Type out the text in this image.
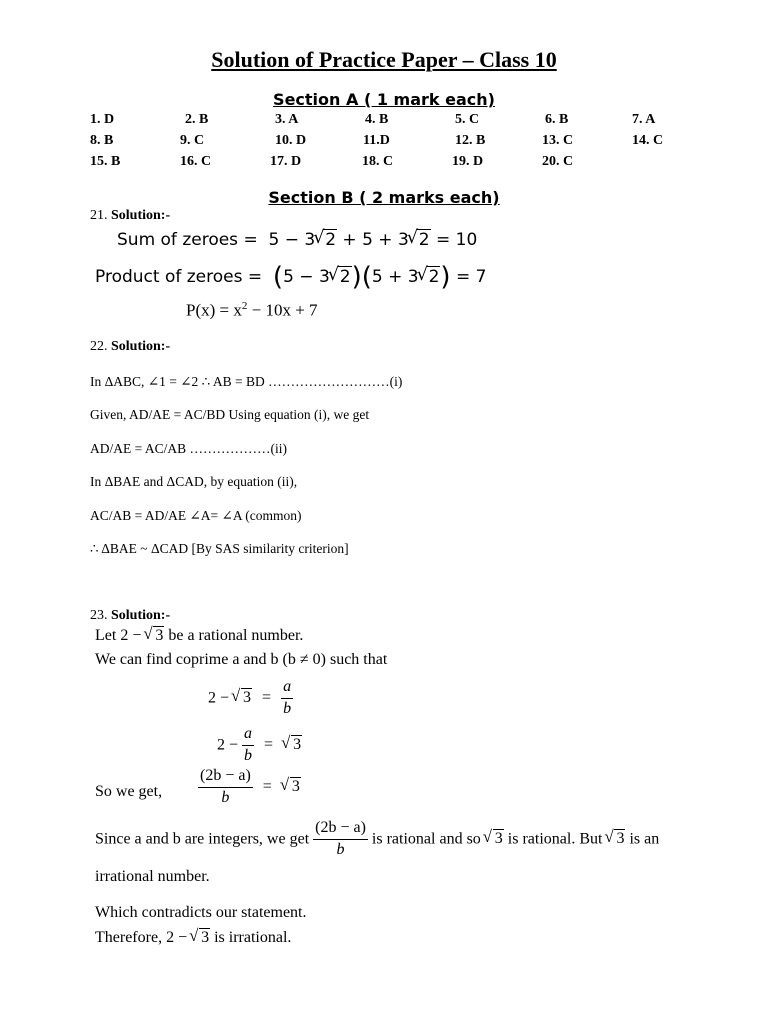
Solution of Practice Paper – Class 10
Section A ( 1 mark each)
1. D	2. B	3. A	4. B	5. C	6. B	7. A
8. B	9. C	10. D	11.D	12. B	13. C	14. C
15. B	16. C	17. D	18. C	19. D	20. C
Section B ( 2 marks each)
21. Solution:-
Sum of zeroes = 5 − 3
√ 2 + 5 + 3
√ 2 = 10
Product of zeroes = (5 − 3
√ 2)(5 + 3
√ 2) = 7
$P(x) = x^2 - 10x + 7$
22. Solution:-
In ΔABC, ∠1 = ∠2 ∴ AB = BD ………………………(i)
Given, AD/AE = AC/BD Using equation (i), we get
AD/AE = AC/AB ………………(ii)
In ΔBAE and ΔCAD, by equation (ii),
AC/AB = AD/AE ∠A= ∠A (common)
∴ ΔBAE ~ ΔCAD [By SAS similarity criterion]
23. Solution:-
Let 2 − √ 3 be a rational number.
We can find coprime a and b (b ≠ 0) such that
2 − √ $3 = \frac{a}{b}$
$2 - \frac{a}{b}$ = √ 3
So we get, $\frac{(2b - a)}{b}$ = √ 3
Since a and b are integers, we get $\frac{(2b - a)}{b}$ is rational and so √ 3 is rational. But √ 3 is an
irrational number.
Which contradicts our statement.
Therefore, 2 − √ 3 is irrational.
